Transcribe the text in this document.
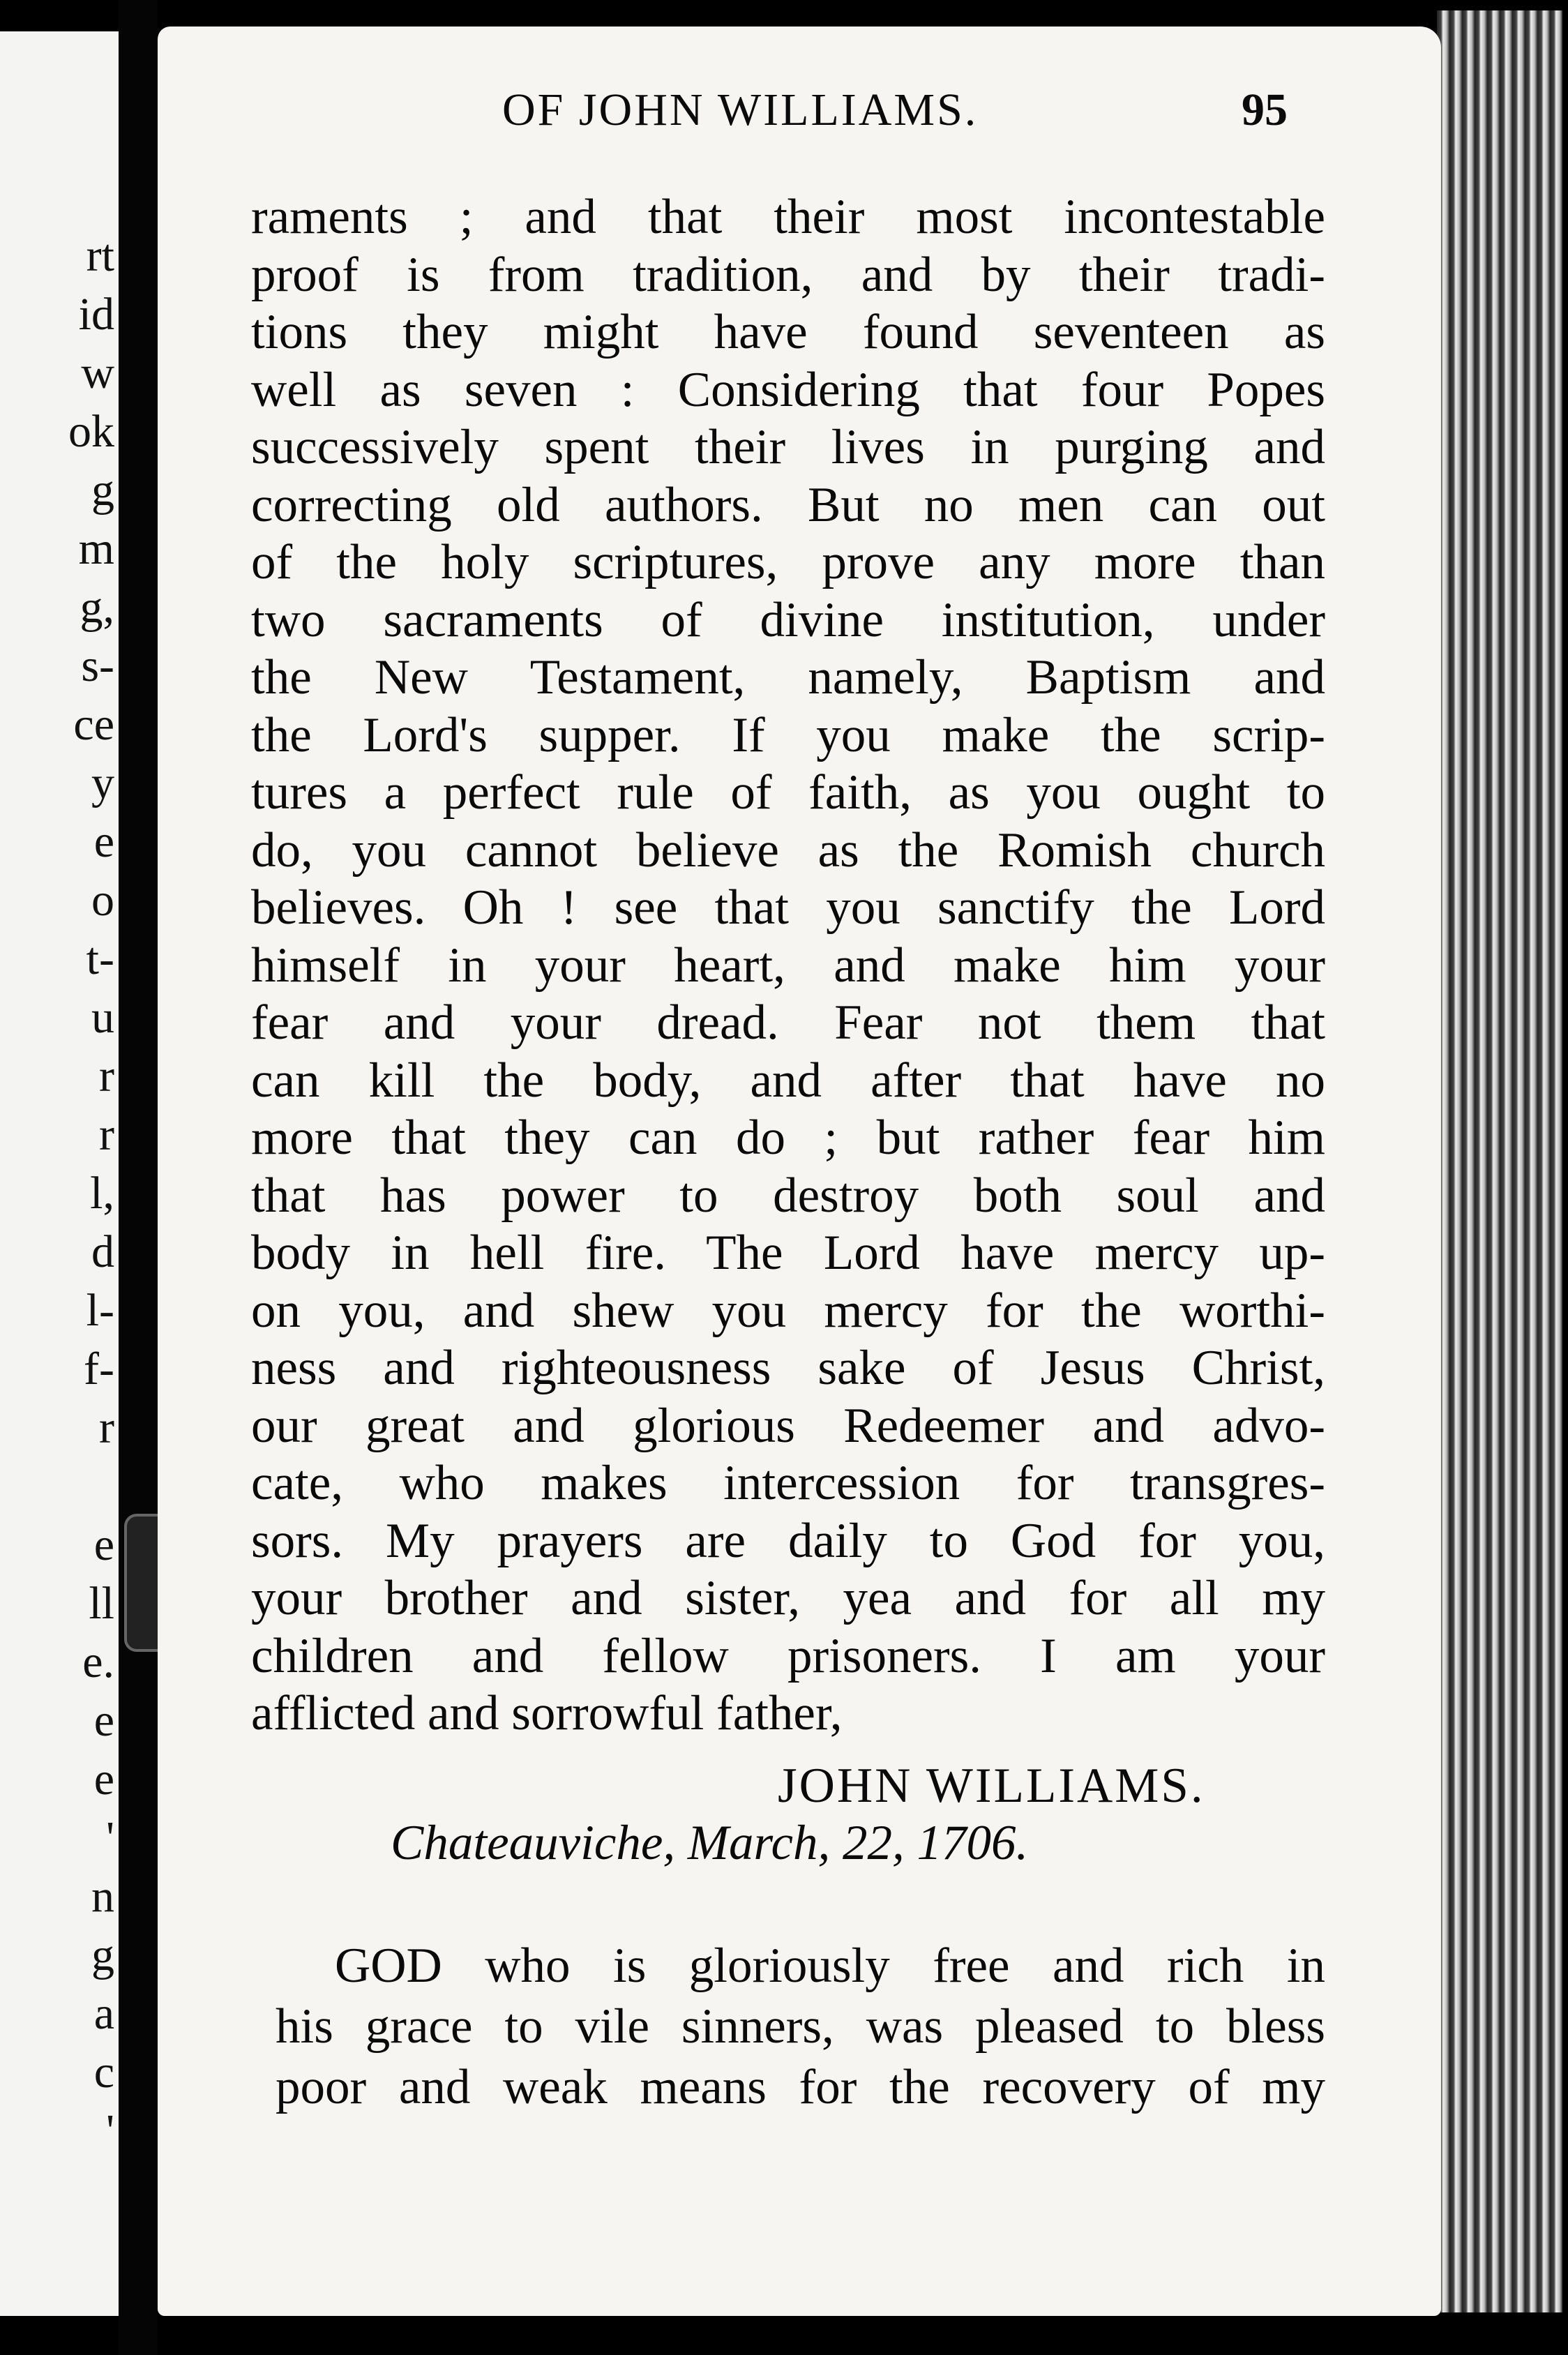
rt
id
w
ok
g
m
g,
s-
ce
y
e
o
t-
u
r
r
l,
d
l-
f-
r
e
ll
e.
e
e
'
n
g
a
c
'
OF JOHN WILLIAMS.	95
raments ; and that their most incontestable
proof is from tradition, and by their tradi-
tions they might have found seventeen as
well as seven : Considering that four Popes
successively spent their lives in purging and
correcting old authors. But no men can out
of the holy scriptures, prove any more than
two sacraments of divine institution, under
the New Testament, namely, Baptism and
the Lord's supper. If you make the scrip-
tures a perfect rule of faith, as you ought to
do, you cannot believe as the Romish church
believes. Oh ! see that you sanctify the Lord
himself in your heart, and make him your
fear and your dread. Fear not them that
can kill the body, and after that have no
more that they can do ; but rather fear him
that has power to destroy both soul and
body in hell fire. The Lord have mercy up-
on you, and shew you mercy for the worthi-
ness and righteousness sake of Jesus Christ,
our great and glorious Redeemer and advo-
cate, who makes intercession for transgres-
sors. My prayers are daily to God for you,
your brother and sister, yea and for all my
children and fellow prisoners. I am your
afflicted and sorrowful father,
JOHN WILLIAMS.
Chateauviche, March, 22, 1706.
GOD who is gloriously free and rich in
his grace to vile sinners, was pleased to bless
poor and weak means for the recovery of my
